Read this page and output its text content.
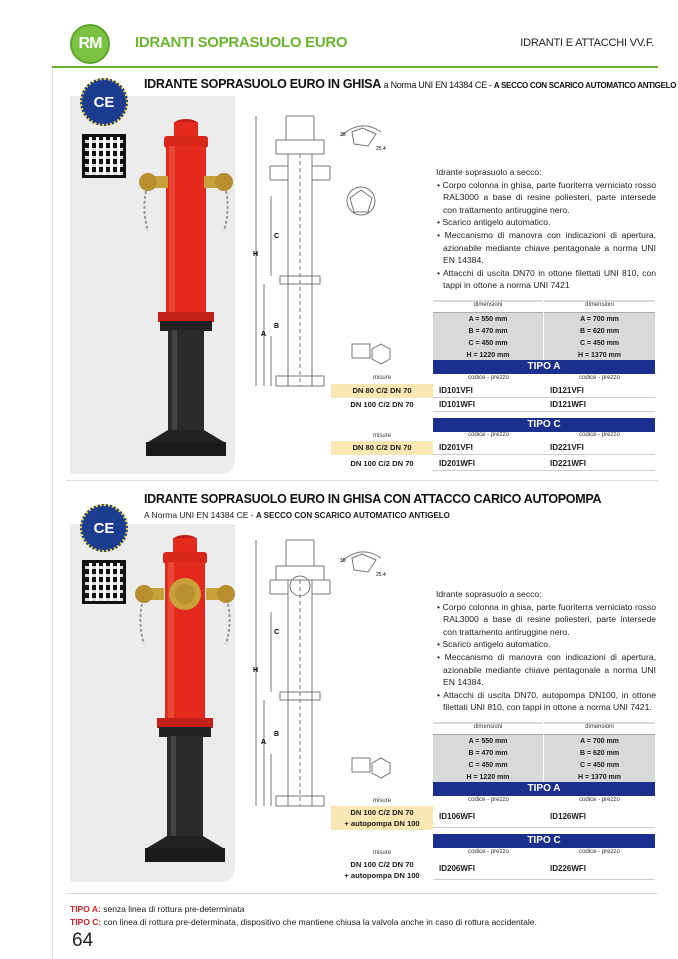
RM	IDRANTI SOPRASUOLO EURO	IDRANTI E ATTACCHI VV.F.
CE
IDRANTE SOPRASUOLO EURO IN GHISA a Norma UNI EN 14384 CE - A SECCO CON SCARICO AUTOMATICO ANTIGELO
H
C
A
B
39
25.4
Idrante soprasuolo a secco:
• Corpo colonna in ghisa, parte fuoriterra verniciato rosso RAL3000 a base di resine poliesteri, parte intersede con trattamento antiruggine nero.
• Scarico antigelo automatico.
• Meccanismo di manovra con indicazioni di apertura, azionabile mediante chiave pentagonale a norma UNI EN 14384.
• Attacchi di uscita DN70 in ottone filettati UNI 810, con tappi in ottone a norma UNI 7421
dimensioni
A = 550 mm
B = 470 mm
C = 450 mm
H = 1220 mm
dimensioni
A = 700 mm
B = 620 mm
C = 450 mm
H = 1370 mm
TIPO A
misure	codice - prezzo	codice - prezzo
DN 80 C/2 DN 70	ID101VFI	ID121VFI
DN 100 C/2 DN 70	ID101WFI	ID121WFI
TIPO C
misure	codice - prezzo	codice - prezzo
DN 80 C/2 DN 70	ID201VFI	ID221VFI
DN 100 C/2 DN 70	ID201WFI	ID221WFI
CE
IDRANTE SOPRASUOLO EURO IN GHISA CON ATTACCO CARICO AUTOPOMPA
A Norma UNI EN 14384 CE - A SECCO CON SCARICO AUTOMATICO ANTIGELO
H
C
A
B
39
25.4
Idrante soprasuolo a secco:
• Corpo colonna in ghisa, parte fuoriterra verniciato rosso RAL3000 a base di resine poliesteri, parte intersede con trattamento antiruggine nero.
• Scarico antigelo automatico.
• Meccanismo di manovra con indicazioni di apertura, azionabile mediante chiave pentagonale a norma UNI EN 14384.
• Attacchi di uscita DN70, autopompa DN100, in ottone filettati UNI 810, con tappi in ottone a norma UNI 7421.
dimensioni
A = 550 mm
B = 470 mm
C = 450 mm
H = 1220 mm
dimensioni
A = 700 mm
B = 620 mm
C = 450 mm
H = 1370 mm
TIPO A
misure	codice - prezzo	codice - prezzo
DN 100 C/2 DN 70
+ autopompa DN 100
ID106WFI	ID126WFI
TIPO C
misure	codice - prezzo	codice - prezzo
DN 100 C/2 DN 70
+ autopompa DN 100
ID206WFI	ID226WFI
TIPO A: senza linea di rottura pre-determinata
TIPO C: con linea di rottura pre-determinata, dispositivo che mantiene chiusa la valvola anche in caso di rottura accidentale.
64
